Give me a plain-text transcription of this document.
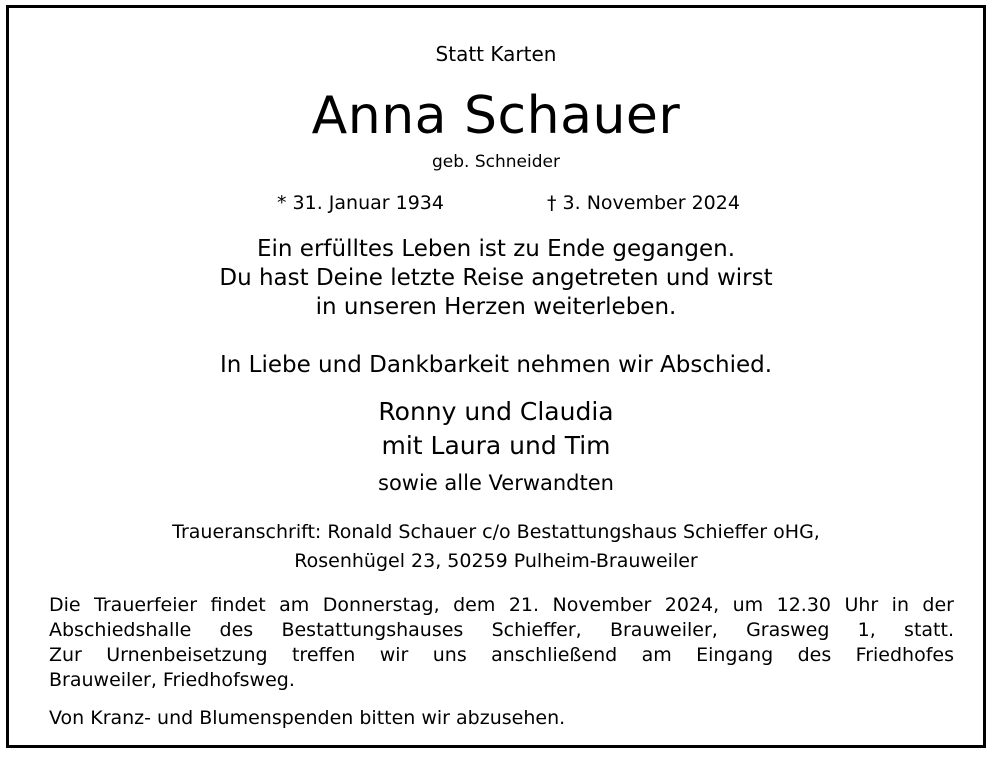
Statt Karten
Anna Schauer
geb. Schneider
* 31. Januar 1934	† 3. November 2024
Ein erfülltes Leben ist zu Ende gegangen.
Du hast Deine letzte Reise angetreten und wirst
in unseren Herzen weiterleben.
In Liebe und Dankbarkeit nehmen wir Abschied.
Ronny und Claudia
mit Laura und Tim
sowie alle Verwandten
Traueranschrift: Ronald Schauer c/o Bestattungshaus Schieffer oHG,
Rosenhügel 23, 50259 Pulheim-Brauweiler
Die Trauerfeier findet am Donnerstag, dem 21. November 2024, um 12.30 Uhr in der
Abschiedshalle des Bestattungshauses Schieffer, Brauweiler, Grasweg 1, statt.
Zur Urnenbeisetzung treffen wir uns anschließend am Eingang des Friedhofes
Brauweiler, Friedhofsweg.
Von Kranz- und Blumenspenden bitten wir abzusehen.
